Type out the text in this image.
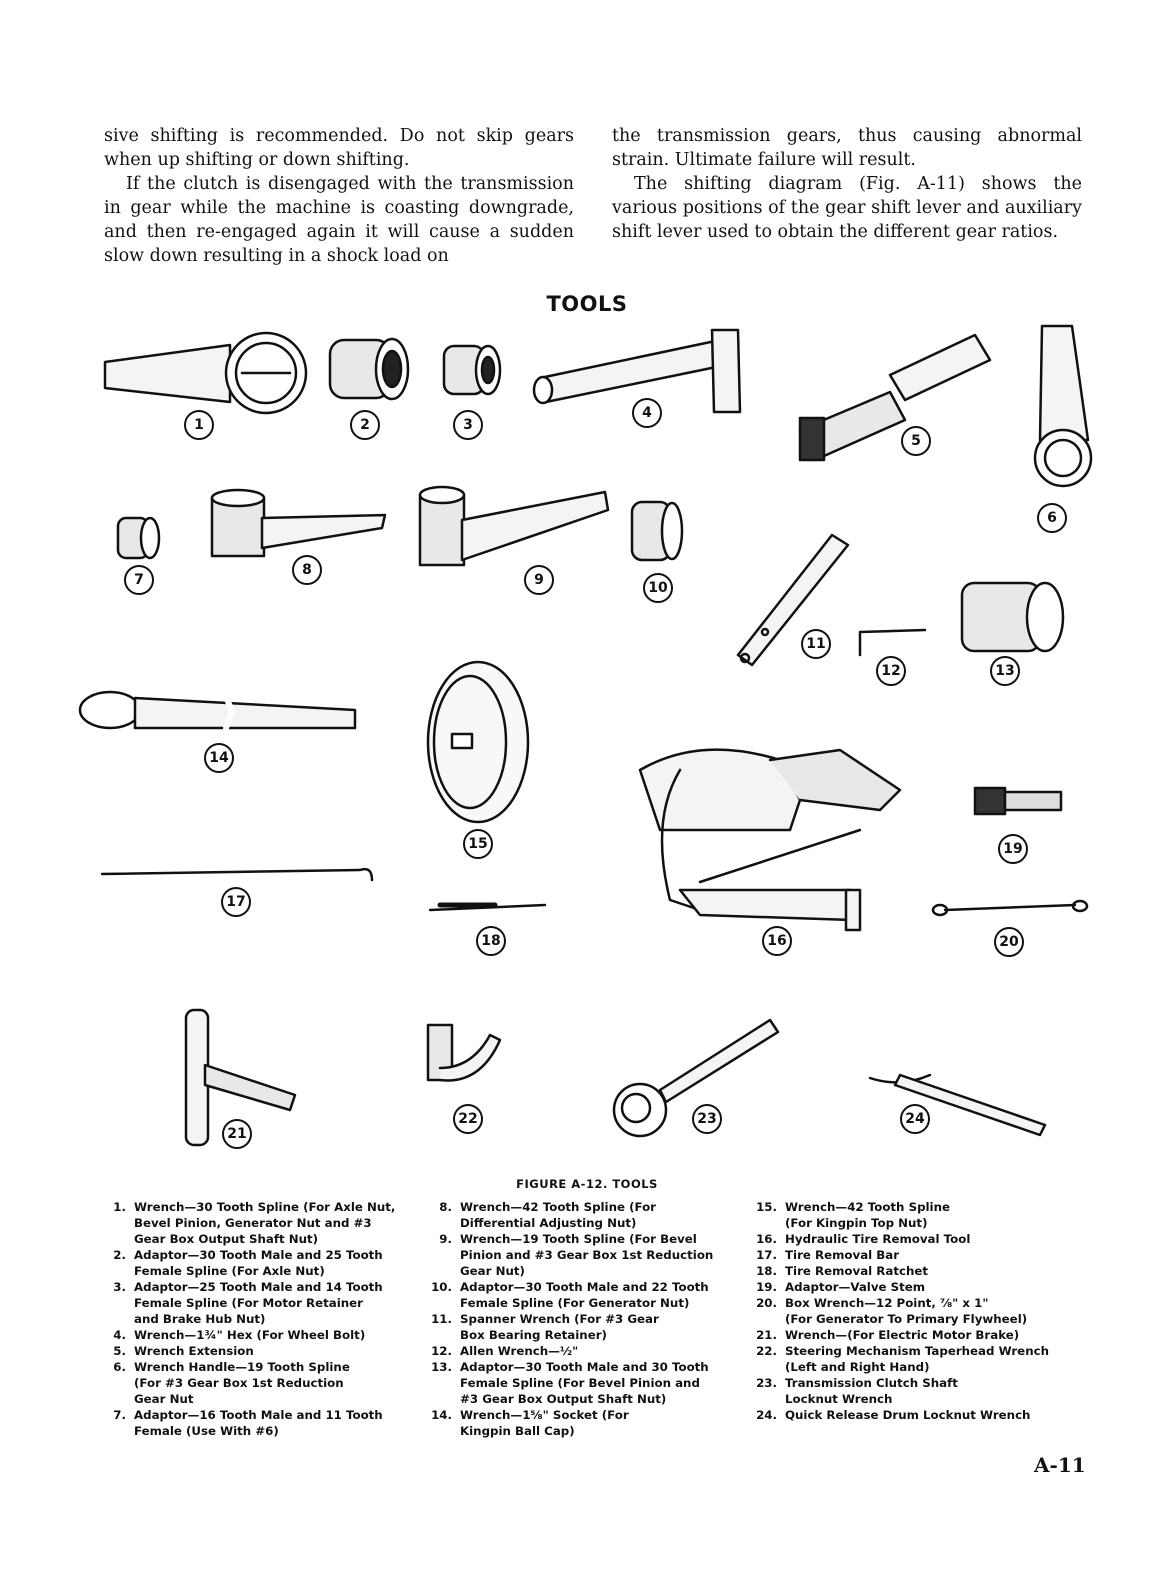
sive shifting is recommended. Do not skip gears when up shifting or down shifting.

If the clutch is disengaged with the transmission in gear while the machine is coasting downgrade, and then re-engaged again it will cause a sudden slow down resulting in a shock load on

the transmission gears, thus causing abnormal strain. Ultimate failure will result.

The shifting diagram (Fig. A-11) shows the various positions of the gear shift lever and auxiliary shift lever used to obtain the different gear ratios.

TOOLS
1	2	3
4
5
6
7
8
9	10
11
12	13
14
15
16
17
18
19
20
21
22	23	24
FIGURE A-12. TOOLS
1. Wrench—30 Tooth Spline (For Axle Nut,
Bevel Pinion, Generator Nut and #3
Gear Box Output Shaft Nut)
2. Adaptor—30 Tooth Male and 25 Tooth
Female Spline (For Axle Nut)
3. Adaptor—25 Tooth Male and 14 Tooth
Female Spline (For Motor Retainer
and Brake Hub Nut)
4. Wrench—1¾" Hex (For Wheel Bolt)
5. Wrench Extension
6. Wrench Handle—19 Tooth Spline
(For #3 Gear Box 1st Reduction
Gear Nut
7. Adaptor—16 Tooth Male and 11 Tooth
Female (Use With #6)
8. Wrench—42 Tooth Spline (For
Differential Adjusting Nut)
9. Wrench—19 Tooth Spline (For Bevel
Pinion and #3 Gear Box 1st Reduction
Gear Nut)
10. Adaptor—30 Tooth Male and 22 Tooth
Female Spline (For Generator Nut)
11. Spanner Wrench (For #3 Gear
Box Bearing Retainer)
12. Allen Wrench—½"
13. Adaptor—30 Tooth Male and 30 Tooth
Female Spline (For Bevel Pinion and
#3 Gear Box Output Shaft Nut)
14. Wrench—1⅝" Socket (For
Kingpin Ball Cap)
15. Wrench—42 Tooth Spline
(For Kingpin Top Nut)
16. Hydraulic Tire Removal Tool
17. Tire Removal Bar
18. Tire Removal Ratchet
19. Adaptor—Valve Stem
20. Box Wrench—12 Point, ⅞" x 1"
(For Generator To Primary Flywheel)
21. Wrench—(For Electric Motor Brake)
22. Steering Mechanism Taperhead Wrench
(Left and Right Hand)
23. Transmission Clutch Shaft
Locknut Wrench
24. Quick Release Drum Locknut Wrench
A-11
